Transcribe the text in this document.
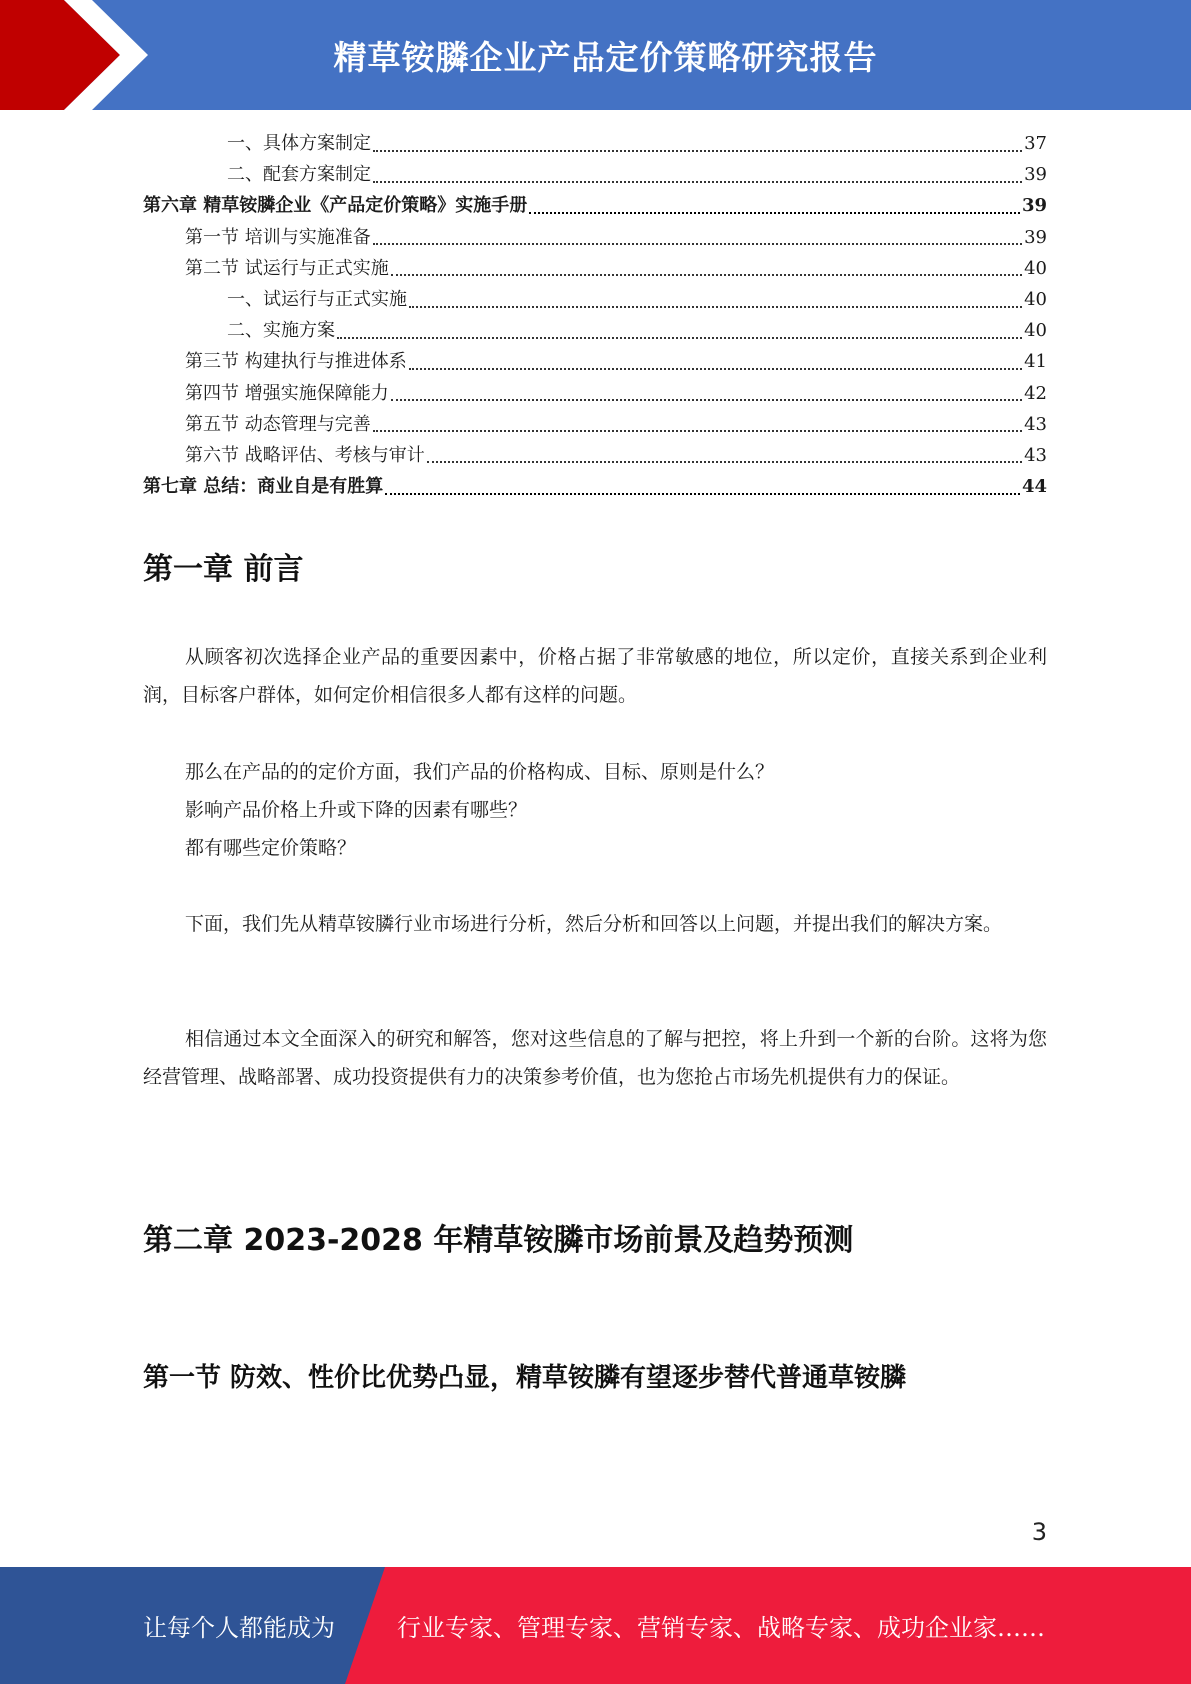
精草铵膦企业产品定价策略研究报告
一、具体方案制定	37
二、配套方案制定	39
第六章 精草铵膦企业《产品定价策略》实施手册	39
第一节 培训与实施准备	39
第二节 试运行与正式实施	40
一、试运行与正式实施	40
二、实施方案	40
第三节 构建执行与推进体系	41
第四节 增强实施保障能力	42
第五节 动态管理与完善	43
第六节 战略评估、考核与审计	43
第七章 总结：商业自是有胜算	44
第一章 前言

从顾客初次选择企业产品的重要因素中，价格占据了非常敏感的地位，所以定价，直接关系到企业利润，目标客户群体，如何定价相信很多人都有这样的问题。

那么在产品的的定价方面，我们产品的价格构成、目标、原则是什么？

影响产品价格上升或下降的因素有哪些？

都有哪些定价策略？

下面，我们先从精草铵膦行业市场进行分析，然后分析和回答以上问题，并提出我们的解决方案。

相信通过本文全面深入的研究和解答，您对这些信息的了解与把控，将上升到一个新的台阶。这将为您经营管理、战略部署、成功投资提供有力的决策参考价值，也为您抢占市场先机提供有力的保证。

第二章 2023-2028 年精草铵膦市场前景及趋势预测
第一节 防效、性价比优势凸显，精草铵膦有望逐步替代普通草铵膦
3
让每个人都能成为	行业专家、管理专家、营销专家、战略专家、成功企业家……
